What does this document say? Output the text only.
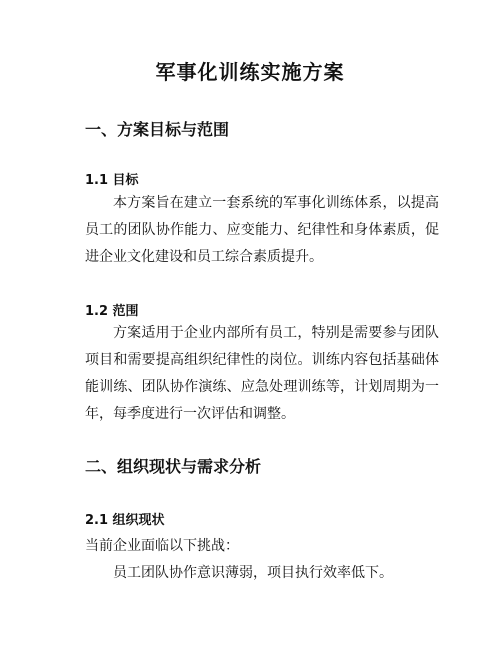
军事化训练实施方案
一、方案目标与范围
1.1 目标

本方案旨在建立一套系统的军事化训练体系，以提高员工的团队协作能力、应变能力、纪律性和身体素质，促进企业文化建设和员工综合素质提升。

1.2 范围

方案适用于企业内部所有员工，特别是需要参与团队项目和需要提高组织纪律性的岗位。训练内容包括基础体能训练、团队协作演练、应急处理训练等，计划周期为一年，每季度进行一次评估和调整。

二、组织现状与需求分析
2.1 组织现状
当前企业面临以下挑战：
员工团队协作意识薄弱，项目执行效率低下。
